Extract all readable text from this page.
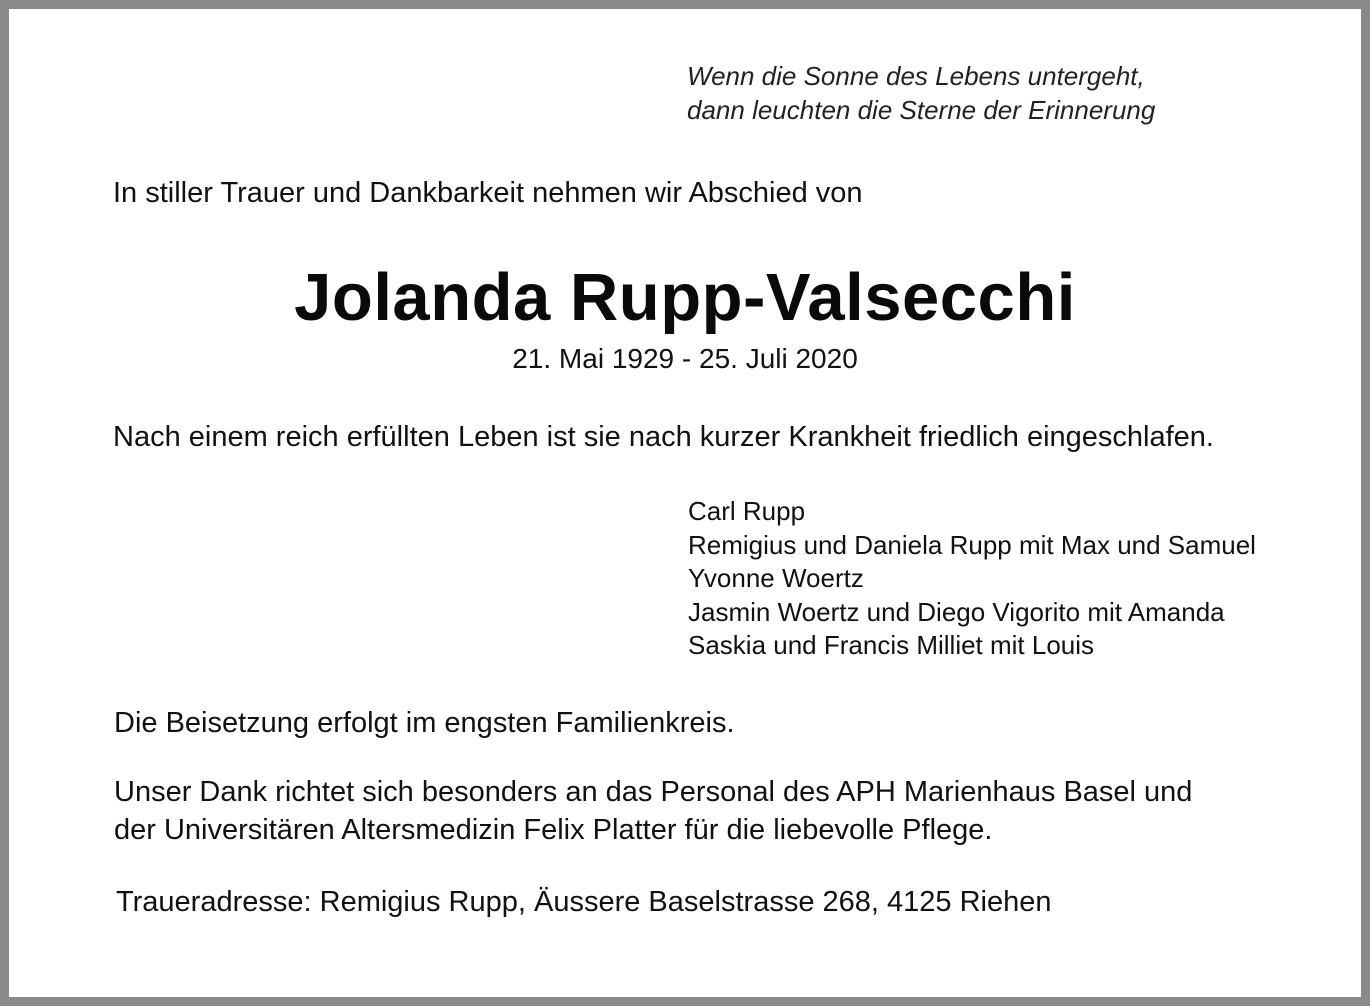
Wenn die Sonne des Lebens untergeht,
dann leuchten die Sterne der Erinnerung
In stiller Trauer und Dankbarkeit nehmen wir Abschied von
Jolanda Rupp-Valsecchi
21. Mai 1929 - 25. Juli 2020
Nach einem reich erfüllten Leben ist sie nach kurzer Krankheit friedlich eingeschlafen.
Carl Rupp
Remigius und Daniela Rupp mit Max und Samuel
Yvonne Woertz
Jasmin Woertz und Diego Vigorito mit Amanda
Saskia und Francis Milliet mit Louis
Die Beisetzung erfolgt im engsten Familienkreis.
Unser Dank richtet sich besonders an das Personal des APH Marienhaus Basel und
der Universitären Altersmedizin Felix Platter für die liebevolle Pflege.
Traueradresse: Remigius Rupp, Äussere Baselstrasse 268, 4125 Riehen
